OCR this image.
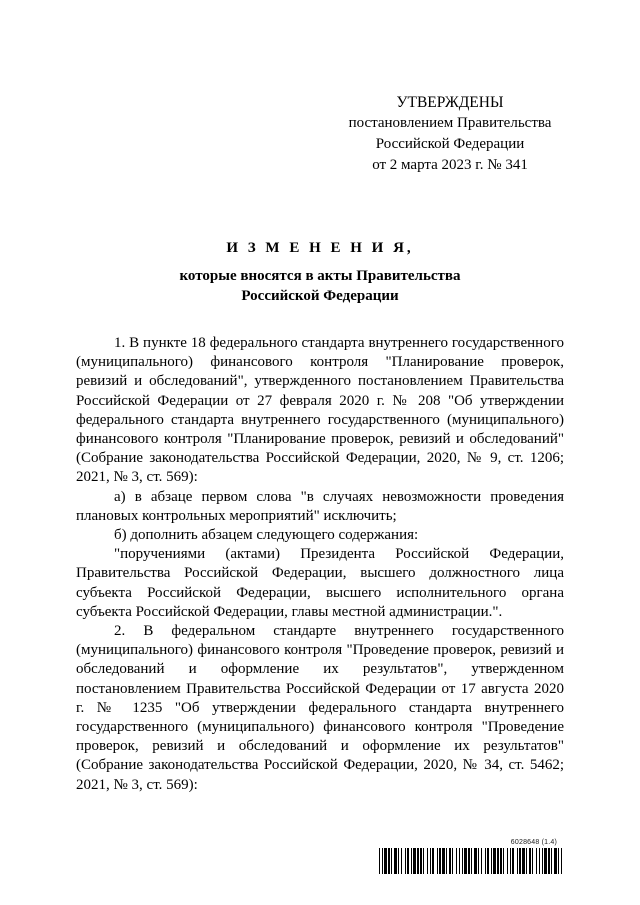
УТВЕРЖДЕНЫ
постановлением Правительства
Российской Федерации
от 2 марта 2023 г. № 341
И З М Е Н Е Н И Я,
которые вносятся в акты Правительства
Российской Федерации

1. В пункте 18 федерального стандарта внутреннего государственного (муниципального) финансового контроля "Планирование проверок, ревизий и обследований", утвержденного постановлением Правительства Российской Федерации от 27 февраля 2020 г. № 208 "Об утверждении федерального стандарта внутреннего государственного (муниципального) финансового контроля "Планирование проверок, ревизий и обследований" (Собрание законодательства Российской Федерации, 2020, № 9, ст. 1206; 2021, № 3, ст. 569):

а) в абзаце первом слова "в случаях невозможности проведения плановых контрольных мероприятий" исключить;

б) дополнить абзацем следующего содержания:

"поручениями (актами) Президента Российской Федерации, Правительства Российской Федерации, высшего должностного лица субъекта Российской Федерации, высшего исполнительного органа субъекта Российской Федерации, главы местной администрации.".

2. В федеральном стандарте внутреннего государственного (муниципального) финансового контроля "Проведение проверок, ревизий и обследований и оформление их результатов", утвержденном постановлением Правительства Российской Федерации от 17 августа 2020 г. № 1235 "Об утверждении федерального стандарта внутреннего государственного (муниципального) финансового контроля "Проведение проверок, ревизий и обследований и оформление их результатов" (Собрание законодательства Российской Федерации, 2020, № 34, ст. 5462; 2021, № 3, ст. 569):

6028648 (1.4)
